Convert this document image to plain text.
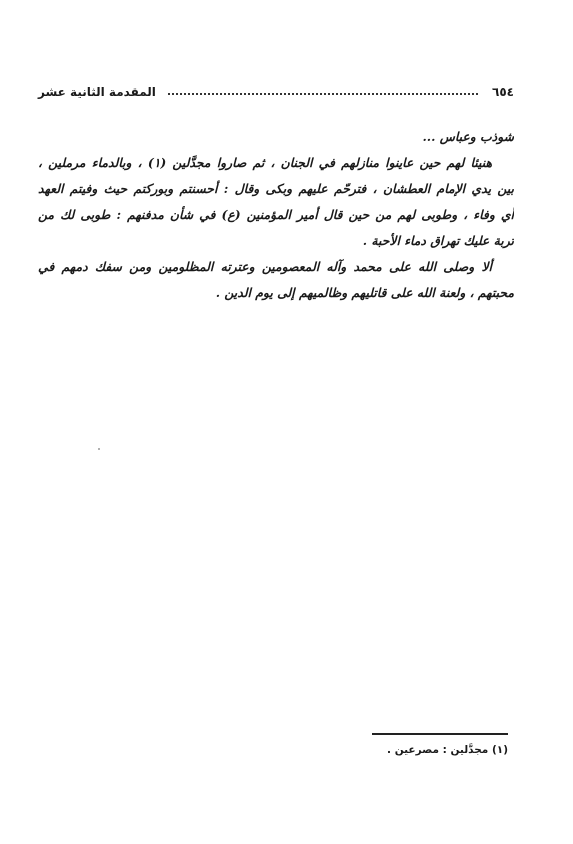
٦٥٤
المقدمة الثانية عشر
شوذب وعباس ...
هنيئا لهم حين عاينوا منازلهم في الجنان ، ثم صاروا مجدَّلين (١) ، وبالدماء مرملين ،
بين يدي الإمام العطشان ، فترحّم عليهم وبكى وقال : أحسنتم وبوركتم حيث وفيتم العهد
أي وفاء ، وطوبى لهم من حين قال أمير المؤمنين (ع) في شأن مدفنهم : طوبى لك من
تربة عليك تهراق دماء الأحبة .
ألا وصلى الله على محمد وآله المعصومين وعترته المظلومين ومن سفك دمهم في
محبتهم ، ولعنة الله على قاتليهم وظالميهم إلى يوم الدين .
(١) مجدَّلين : مصرعين .
